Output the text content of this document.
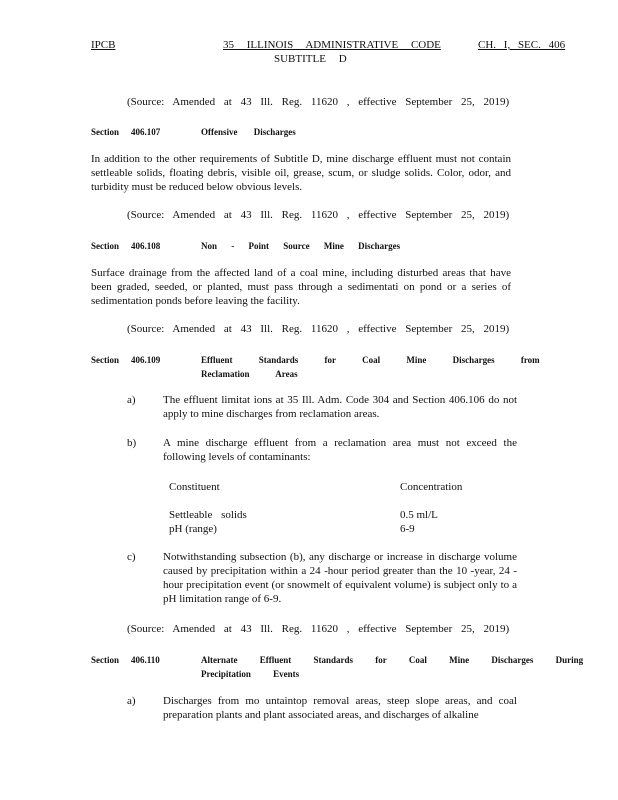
IPCB	35 ILLINOIS ADMINISTRATIVE CODE	CH. I, SEC. 406
SUBTITLE D
(Source: Amended at 43 Ill. Reg. 11620 , effective September 25, 2019)
Section 406.107	Offensive Discharges
In addition to the other requirements of Subtitle D, mine discharge effluent must not contain settleable solids, floating debris, visible oil, grease, scum, or sludge solids. Color, odor, and turbidity must be reduced below obvious levels.
(Source: Amended at 43 Ill. Reg. 11620 , effective September 25, 2019)
Section 406.108	Non - Point Source Mine Discharges
Surface drainage from the affected land of a coal mine, including disturbed areas that have been graded, seeded, or planted, must pass through a sedimentati on pond or a series of sedimentation ponds before leaving the facility.
(Source: Amended at 43 Ill. Reg. 11620 , effective September 25, 2019)
Section 406.109	Effluent Standards for Coal Mine Discharges from
Reclamation Areas
a) The effluent limitat ions at 35 Ill. Adm. Code 304 and Section 406.106 do not apply to mine discharges from reclamation areas.
b) A mine discharge effluent from a reclamation area must not exceed the following levels of contaminants:
Constituent	Concentration
Settleable solids	0.5 ml/L
pH (range)	6-9
c) Notwithstanding subsection (b), any discharge or increase in discharge volume caused by precipitation within a 24 -hour period greater than the 10 -year, 24 -hour precipitation event (or snowmelt of equivalent volume) is subject only to a pH limitation range of 6-9.
(Source: Amended at 43 Ill. Reg. 11620 , effective September 25, 2019)
Section 406.110	Alternate Effluent Standards for Coal Mine Discharges During
Precipitation Events
a) Discharges from mo untaintop removal areas, steep slope areas, and coal preparation plants and plant associated areas, and discharges of alkaline
